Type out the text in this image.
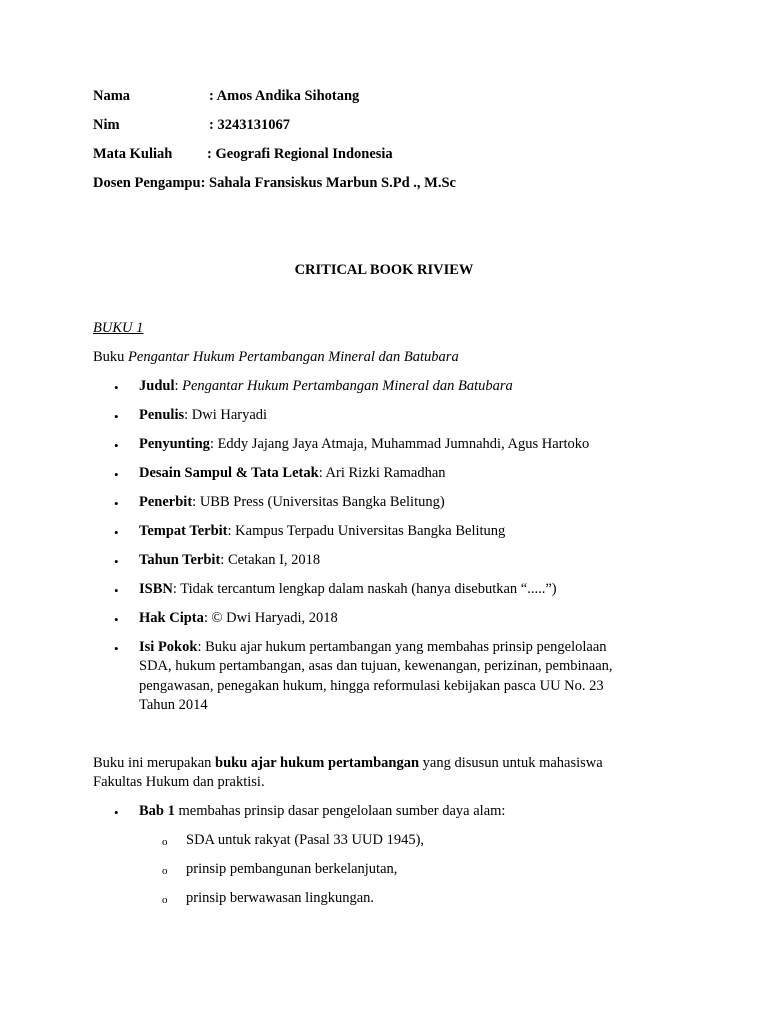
Nama	: Amos Andika Sihotang
Nim	: 3243131067
Mata Kuliah : Geografi Regional Indonesia
Dosen Pengampu: Sahala Fransiskus Marbun S.Pd ., M.Sc
CRITICAL BOOK RIVIEW
BUKU 1
Buku Pengantar Hukum Pertambangan Mineral dan Batubara
• Judul: Pengantar Hukum Pertambangan Mineral dan Batubara
• Penulis: Dwi Haryadi
• Penyunting: Eddy Jajang Jaya Atmaja, Muhammad Jumnahdi, Agus Hartoko
• Desain Sampul & Tata Letak: Ari Rizki Ramadhan
• Penerbit: UBB Press (Universitas Bangka Belitung)
• Tempat Terbit: Kampus Terpadu Universitas Bangka Belitung
• Tahun Terbit: Cetakan I, 2018
• ISBN: Tidak tercantum lengkap dalam naskah (hanya disebutkan “.....”)
• Hak Cipta: © Dwi Haryadi, 2018
• Isi Pokok: Buku ajar hukum pertambangan yang membahas prinsip pengelolaan
SDA, hukum pertambangan, asas dan tujuan, kewenangan, perizinan, pembinaan,
pengawasan, penegakan hukum, hingga reformulasi kebijakan pasca UU No. 23
Tahun 2014
Buku ini merupakan buku ajar hukum pertambangan yang disusun untuk mahasiswa
Fakultas Hukum dan praktisi.
• Bab 1 membahas prinsip dasar pengelolaan sumber daya alam:
o SDA untuk rakyat (Pasal 33 UUD 1945),
o prinsip pembangunan berkelanjutan,
o prinsip berwawasan lingkungan.
